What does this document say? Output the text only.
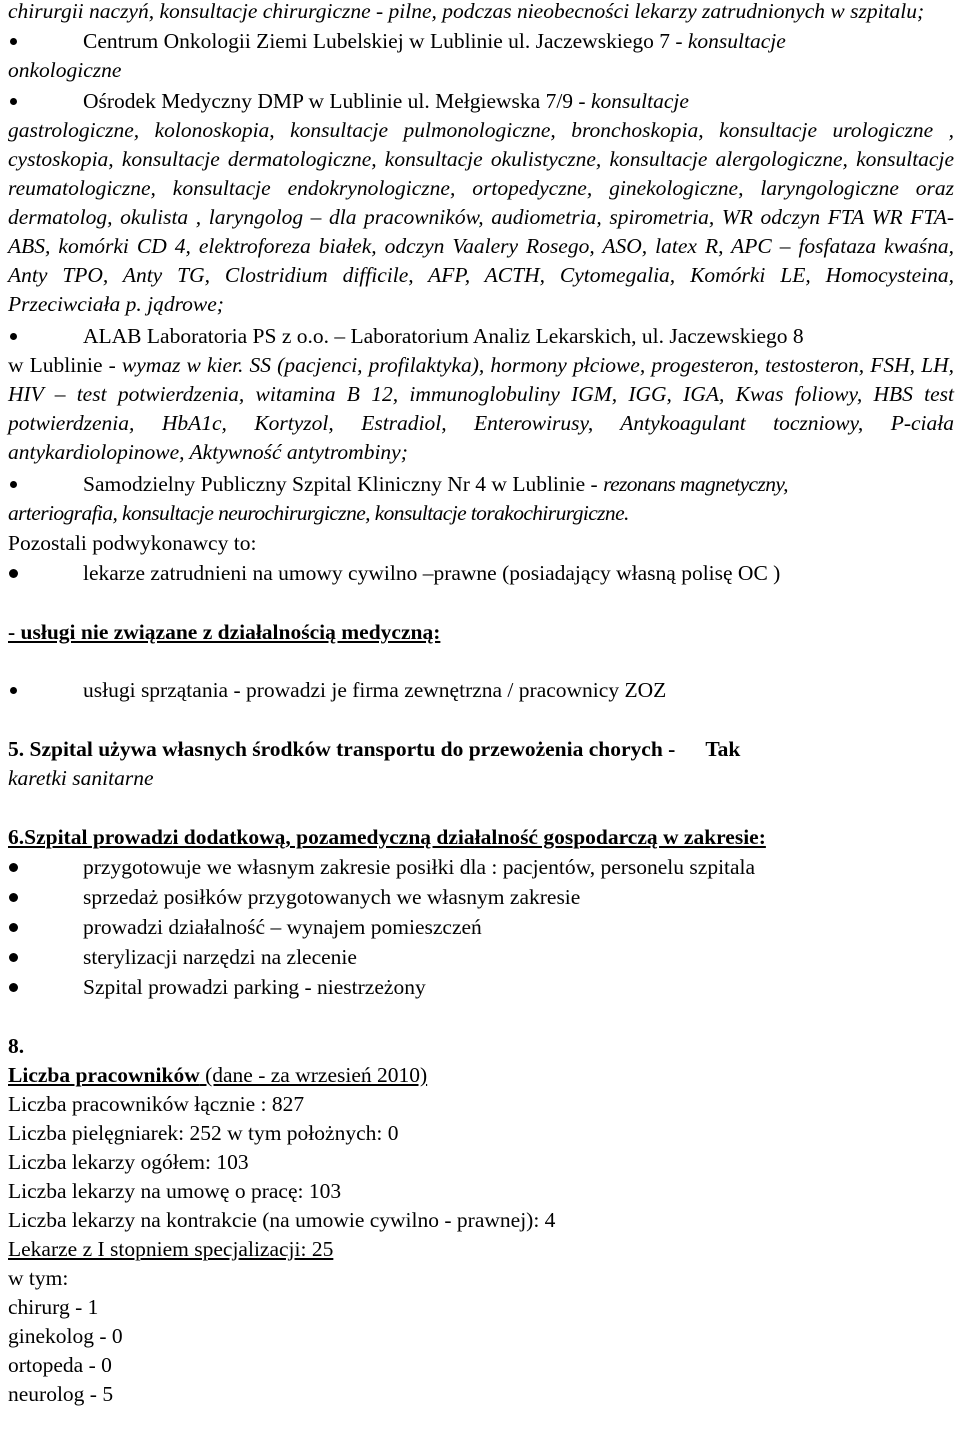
chirurgii naczyń, konsultacje chirurgiczne - pilne, podczas nieobecności lekarzy zatrudnionych w szpitalu;
Centrum Onkologii Ziemi Lubelskiej w Lublinie ul. Jaczewskiego 7 - konsultacje
onkologiczne
Ośrodek Medyczny DMP w Lublinie ul. Mełgiewska 7/9 - konsultacje
gastrologiczne, kolonoskopia, konsultacje pulmonologiczne, bronchoskopia, konsultacje urologiczne , cystoskopia, konsultacje dermatologiczne, konsultacje okulistyczne, konsultacje alergologiczne, konsultacje reumatologiczne, konsultacje endokrynologiczne, ortopedyczne, ginekologiczne, laryngologiczne oraz dermatolog, okulista , laryngolog – dla pracowników, audiometria, spirometria, WR odczyn FTA WR FTA-ABS, komórki CD 4, elektroforeza białek, odczyn Vaalery Rosego, ASO, latex R, APC – fosfataza kwaśna, Anty TPO, Anty TG, Clostridium difficile, AFP, ACTH, Cytomegalia, Komórki LE, Homocysteina, Przeciwciała p. jądrowe;
ALAB Laboratoria PS z o.o. – Laboratorium Analiz Lekarskich, ul. Jaczewskiego 8
w Lublinie - wymaz w kier. SS (pacjenci, profilaktyka), hormony płciowe, progesteron, testosteron, FSH, LH, HIV – test potwierdzenia, witamina B 12, immunoglobuliny IGM, IGG, IGA, Kwas foliowy, HBS test potwierdzenia, HbA1c, Kortyzol, Estradiol, Enterowirusy, Antykoagulant toczniowy, P-ciała antykardiolopinowe, Aktywność antytrombiny;
Samodzielny Publiczny Szpital Kliniczny Nr 4 w Lublinie - rezonans magnetyczny,
arteriografia, konsultacje neurochirurgiczne, konsultacje torakochirurgiczne.
Pozostali podwykonawcy to:
lekarze zatrudnieni na umowy cywilno –prawne (posiadający własną polisę OC )
- usługi nie związane z działalnością medyczną:
usługi sprzątania - prowadzi je firma zewnętrzna / pracownicy ZOZ
5. Szpital używa własnych środków transportu do przewożenia chorych - Tak
karetki sanitarne
6.Szpital prowadzi dodatkową, pozamedyczną działalność gospodarczą w zakresie:
przygotowuje we własnym zakresie posiłki dla : pacjentów, personelu szpitala
sprzedaż posiłków przygotowanych we własnym zakresie
prowadzi działalność – wynajem pomieszczeń
sterylizacji narzędzi na zlecenie
Szpital prowadzi parking - niestrzeżony
8.
Liczba pracowników (dane - za wrzesień 2010)
Liczba pracowników łącznie : 827
Liczba pielęgniarek: 252 w tym położnych: 0
Liczba lekarzy ogółem: 103
Liczba lekarzy na umowę o pracę: 103
Liczba lekarzy na kontrakcie (na umowie cywilno - prawnej): 4
Lekarze z I stopniem specjalizacji: 25
w tym:
chirurg - 1
ginekolog - 0
ortopeda - 0
neurolog - 5
